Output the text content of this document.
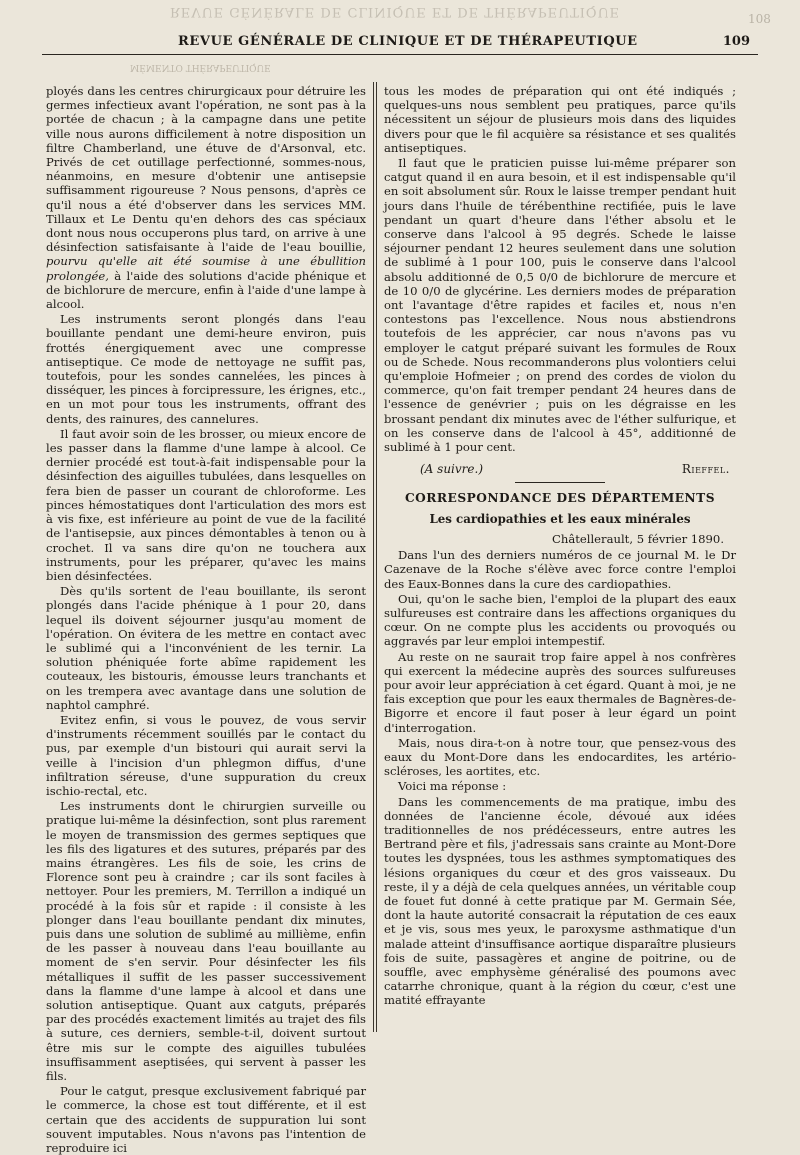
REVUE GÉNÉRALE DE CLINIQUE ET DE THÉRAPEUTIQUE
MÉMENTO THÉRAPEUTIQUE
108
REVUE GÉNÉRALE DE CLINIQUE ET DE THÉRAPEUTIQUE	109

ployés dans les centres chirurgicaux pour détruire les germes infectieux avant l'opération, ne sont pas à la portée de chacun ; à la campagne dans une petite ville nous aurons difficilement à notre disposition un filtre Chamberland, une étuve de d'Arsonval, etc. Privés de cet outillage perfectionné, sommes-nous, néanmoins, en mesure d'obtenir une antisepsie suffisamment rigoureuse ? Nous pensons, d'après ce qu'il nous a été d'observer dans les services MM. Tillaux et Le Dentu qu'en dehors des cas spéciaux dont nous nous occuperons plus tard, on arrive à une désinfection satisfaisante à l'aide de l'eau bouillie, pourvu qu'elle ait été soumise à une ébullition prolongée, à l'aide des solutions d'acide phénique et de bichlorure de mercure, enfin à l'aide d'une lampe à alcool.

Les instruments seront plongés dans l'eau bouillante pendant une demi-heure environ, puis frottés énergiquement avec une compresse antiseptique. Ce mode de nettoyage ne suffit pas, toutefois, pour les sondes cannelées, les pinces à disséquer, les pinces à forcipressure, les érignes, etc., en un mot pour tous les instruments, offrant des dents, des rainures, des cannelures.

Il faut avoir soin de les brosser, ou mieux encore de les passer dans la flamme d'une lampe à alcool. Ce dernier procédé est tout-à-fait indispensable pour la désinfection des aiguilles tubulées, dans lesquelles on fera bien de passer un courant de chloroforme. Les pinces hémostatiques dont l'articulation des mors est à vis fixe, est inférieure au point de vue de la facilité de l'antisepsie, aux pinces démontables à tenon ou à crochet. Il va sans dire qu'on ne touchera aux instruments, pour les préparer, qu'avec les mains bien désinfectées.

Dès qu'ils sortent de l'eau bouillante, ils seront plongés dans l'acide phénique à 1 pour 20, dans lequel ils doivent séjourner jusqu'au moment de l'opération. On évitera de les mettre en contact avec le sublimé qui a l'inconvénient de les ternir. La solution phéniquée forte abîme rapidement les couteaux, les bistouris, émousse leurs tranchants et on les trempera avec avantage dans une solution de naphtol camphré.

Evitez enfin, si vous le pouvez, de vous servir d'instruments récemment souillés par le contact du pus, par exemple d'un bistouri qui aurait servi la veille à l'incision d'un phlegmon diffus, d'une infiltration séreuse, d'une suppuration du creux ischio-rectal, etc.

Les instruments dont le chirurgien surveille ou pratique lui-même la désinfection, sont plus rarement le moyen de transmission des germes septiques que les fils des ligatures et des sutures, préparés par des mains étrangères. Les fils de soie, les crins de Florence sont peu à craindre ; car ils sont faciles à nettoyer. Pour les premiers, M. Terrillon a indiqué un procédé à la fois sûr et rapide : il consiste à les plonger dans l'eau bouillante pendant dix minutes, puis dans une solution de sublimé au millième, enfin de les passer à nouveau dans l'eau bouillante au moment de s'en servir. Pour désinfecter les fils métalliques il suffit de les passer successivement dans la flamme d'une lampe à alcool et dans une solution antiseptique. Quant aux catguts, préparés par des procédés exactement limités au trajet des fils à suture, ces derniers, semble-t-il, doivent surtout être mis sur le compte des aiguilles tubulées insuffisamment aseptisées, qui servent à passer les fils.

Pour le catgut, presque exclusivement fabriqué par le commerce, la chose est tout différente, et il est certain que des accidents de suppuration lui sont souvent imputables. Nous n'avons pas l'intention de reproduire ici

tous les modes de préparation qui ont été indiqués ; quelques-uns nous semblent peu pratiques, parce qu'ils nécessitent un séjour de plusieurs mois dans des liquides divers pour que le fil acquière sa résistance et ses qualités antiseptiques.

Il faut que le praticien puisse lui-même préparer son catgut quand il en aura besoin, et il est indispensable qu'il en soit absolument sûr. Roux le laisse tremper pendant huit jours dans l'huile de térébenthine rectifiée, puis le lave pendant un quart d'heure dans l'éther absolu et le conserve dans l'alcool à 95 degrés. Schede le laisse séjourner pendant 12 heures seulement dans une solution de sublimé à 1 pour 100, puis le conserve dans l'alcool absolu additionné de 0,5 0/0 de bichlorure de mercure et de 10 0/0 de glycérine. Les derniers modes de préparation ont l'avantage d'être rapides et faciles et, nous n'en contestons pas l'excellence. Nous nous abstiendrons toutefois de les apprécier, car nous n'avons pas vu employer le catgut préparé suivant les formules de Roux ou de Schede. Nous recommanderons plus volontiers celui qu'emploie Hofmeier ; on prend des cordes de violon du commerce, qu'on fait tremper pendant 24 heures dans de l'essence de genévrier ; puis on les dégraisse en les brossant pendant dix minutes avec de l'éther sulfurique, et on les conserve dans de l'alcool à 45°, additionné de sublimé à 1 pour cent.

(A suivre.)	Rieffel.
CORRESPONDANCE DES DÉPARTEMENTS
Les cardiopathies et les eaux minérales
Châtellerault, 5 février 1890.

Dans l'un des derniers numéros de ce journal M. le Dr Cazenave de la Roche s'élève avec force contre l'emploi des Eaux-Bonnes dans la cure des cardiopathies.

Oui, qu'on le sache bien, l'emploi de la plupart des eaux sulfureuses est contraire dans les affections organiques du cœur. On ne compte plus les accidents ou provoqués ou aggravés par leur emploi intempestif.

Au reste on ne saurait trop faire appel à nos confrères qui exercent la médecine auprès des sources sulfureuses pour avoir leur appréciation à cet égard. Quant à moi, je ne fais exception que pour les eaux thermales de Bagnères-de-Bigorre et encore il faut poser à leur égard un point d'interrogation.

Mais, nous dira-t-on à notre tour, que pensez-vous des eaux du Mont-Dore dans les endocardites, les artério-scléroses, les aortites, etc.

Voici ma réponse :

Dans les commencements de ma pratique, imbu des données de l'ancienne école, dévoué aux idées traditionnelles de nos prédécesseurs, entre autres les Bertrand père et fils, j'adressais sans crainte au Mont-Dore toutes les dyspnées, tous les asthmes symptomatiques des lésions organiques du cœur et des gros vaisseaux. Du reste, il y a déjà de cela quelques années, un véritable coup de fouet fut donné à cette pratique par M. Germain Sée, dont la haute autorité consacrait la réputation de ces eaux et je vis, sous mes yeux, le paroxysme asthmatique d'un malade atteint d'insuffisance aortique disparaître plusieurs fois de suite, passagères et angine de poitrine, ou de souffle, avec emphysème généralisé des poumons avec catarrhe chronique, quant à la région du cœur, c'est une matité effrayante
